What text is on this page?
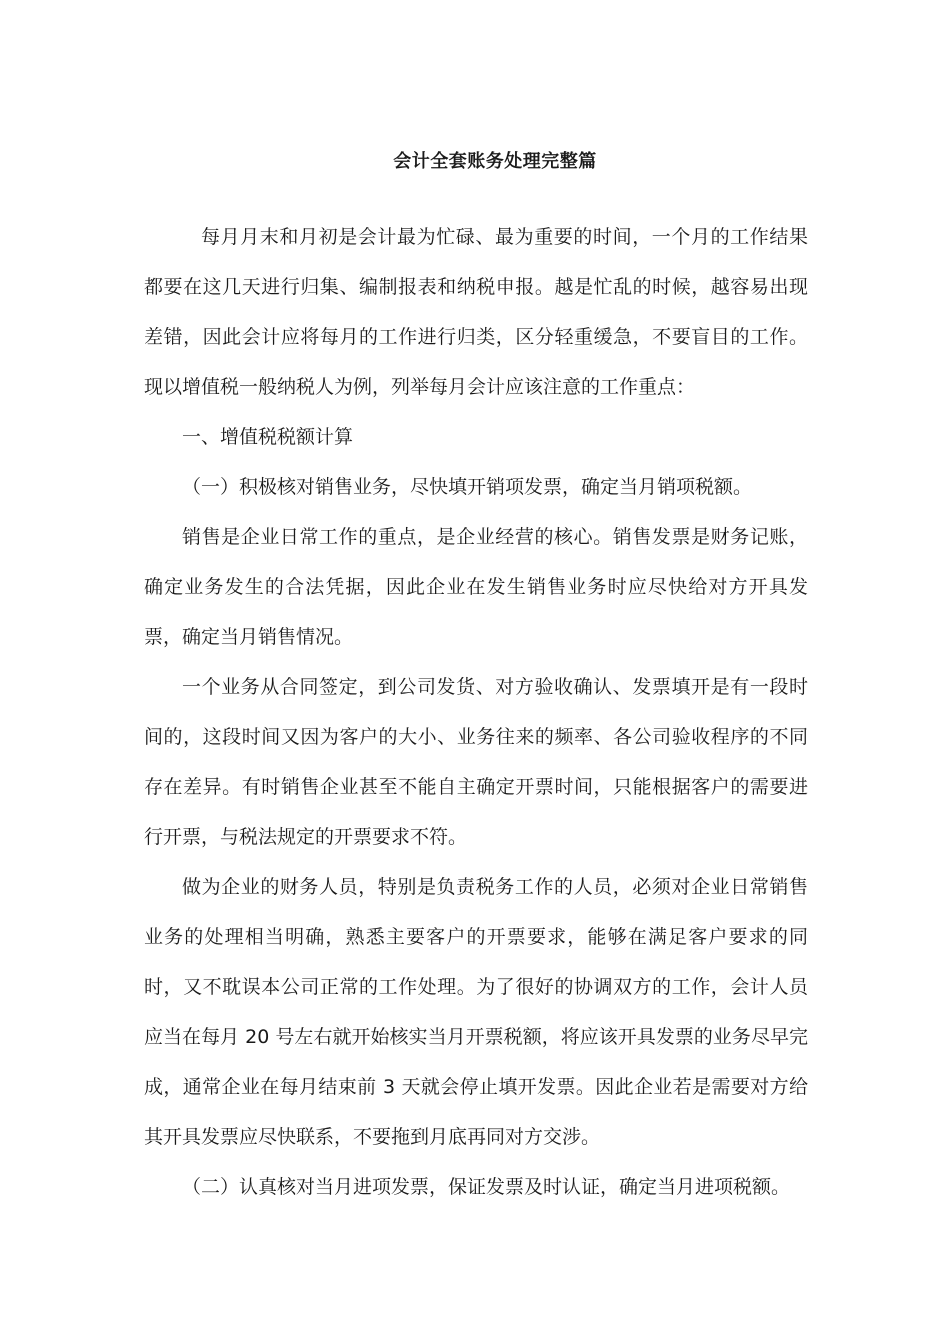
会计全套账务处理完整篇

每月月末和月初是会计最为忙碌、最为重要的时间，一个月的工作结果都要在这几天进行归集、编制报表和纳税申报。越是忙乱的时候，越容易出现差错，因此会计应将每月的工作进行归类，区分轻重缓急，不要盲目的工作。现以增值税一般纳税人为例，列举每月会计应该注意的工作重点：

一、增值税税额计算

（一）积极核对销售业务，尽快填开销项发票，确定当月销项税额。

销售是企业日常工作的重点，是企业经营的核心。销售发票是财务记账，确定业务发生的合法凭据，因此企业在发生销售业务时应尽快给对方开具发票，确定当月销售情况。

一个业务从合同签定，到公司发货、对方验收确认、发票填开是有一段时间的，这段时间又因为客户的大小、业务往来的频率、各公司验收程序的不同存在差异。有时销售企业甚至不能自主确定开票时间，只能根据客户的需要进行开票，与税法规定的开票要求不符。

做为企业的财务人员，特别是负责税务工作的人员，必须对企业日常销售业务的处理相当明确，熟悉主要客户的开票要求，能够在满足客户要求的同时，又不耽误本公司正常的工作处理。为了很好的协调双方的工作，会计人员应当在每月 20 号左右就开始核实当月开票税额，将应该开具发票的业务尽早完成，通常企业在每月结束前 3 天就会停止填开发票。因此企业若是需要对方给其开具发票应尽快联系，不要拖到月底再同对方交涉。

（二）认真核对当月进项发票，保证发票及时认证，确定当月进项税额。
